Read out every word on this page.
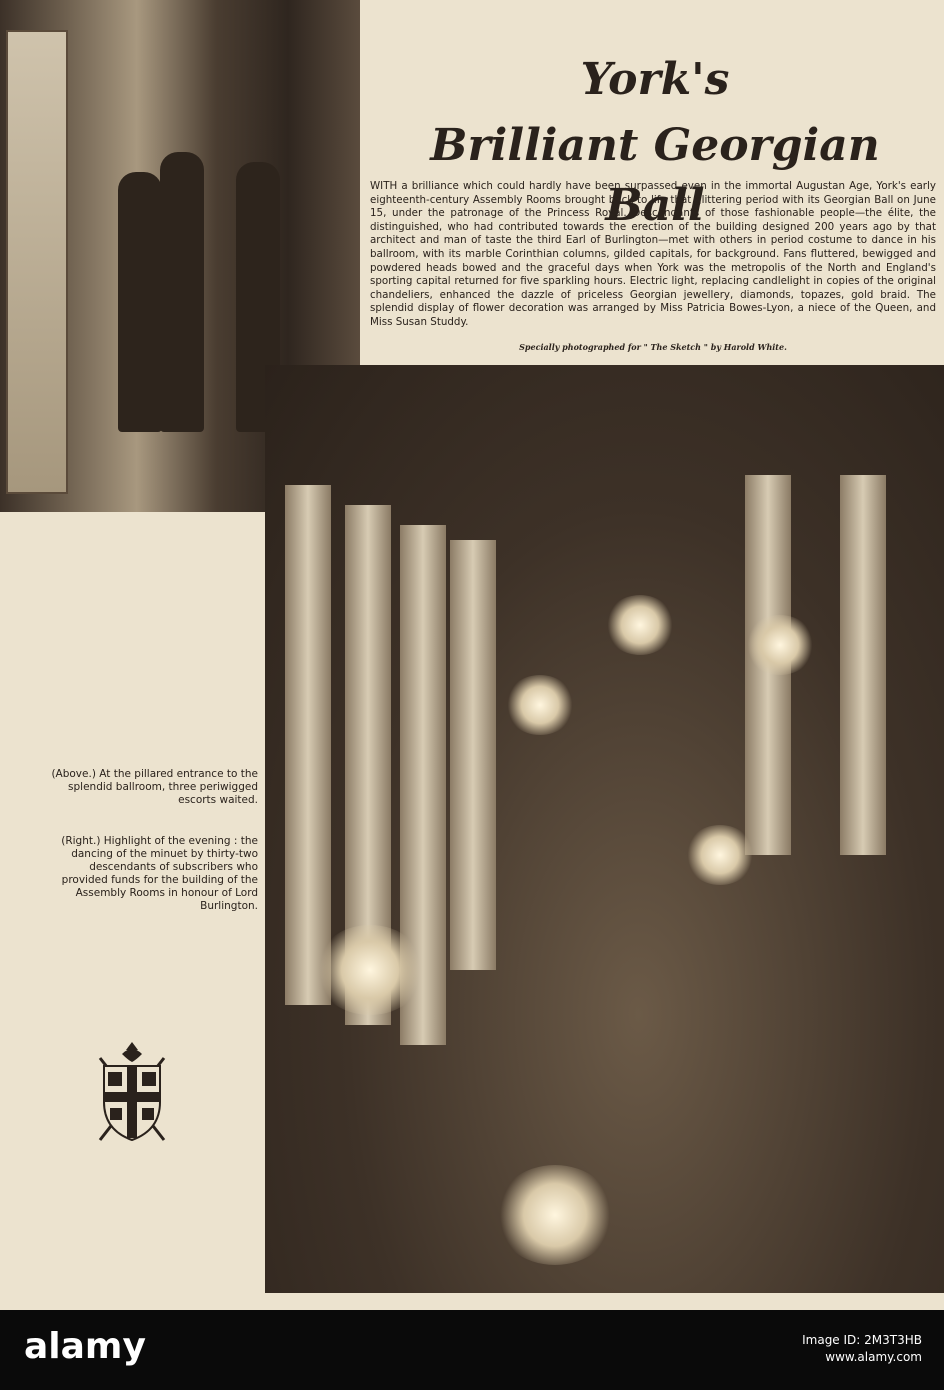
York's
Brilliant Georgian Ball
WITH a brilliance which could hardly have been surpassed even in the immortal Augustan Age, York's early eighteenth-century Assembly Rooms brought back to life that glittering period with its Georgian Ball on June 15, under the patronage of the Princess Royal. Descendants of those fashionable people—the élite, the distinguished, who had contributed towards the erection of the building designed 200 years ago by that architect and man of taste the third Earl of Burlington—met with others in period costume to dance in his ballroom, with its marble Corinthian columns, gilded capitals, for background. Fans fluttered, bewigged and powdered heads bowed and the graceful days when York was the metropolis of the North and England's sporting capital returned for five sparkling hours. Electric light, replacing candlelight in copies of the original chandeliers, enhanced the dazzle of priceless Georgian jewellery, diamonds, topazes, gold braid. The splendid display of flower decoration was arranged by Miss Patricia Bowes-Lyon, a niece of the Queen, and Miss Susan Studdy.
Specially photographed for " The Sketch " by Harold White.
(Above.) At the pillared entrance to the splendid ballroom, three periwigged escorts waited.
(Right.) Highlight of the evening : the dancing of the minuet by thirty-two descendants of subscribers who provided funds for the building of the Assembly Rooms in honour of Lord Burlington.
alamy	Image ID: 2M3T3HB
www.alamy.com
